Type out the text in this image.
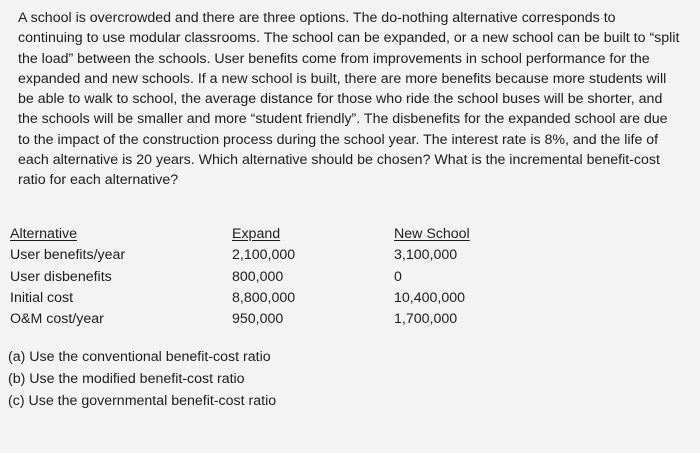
A school is overcrowded and there are three options. The do-nothing alternative corresponds to continuing to use modular classrooms. The school can be expanded, or a new school can be built to “split the load” between the schools. User benefits come from improvements in school performance for the expanded and new schools. If a new school is built, there are more benefits because more students will be able to walk to school, the average distance for those who ride the school buses will be shorter, and the schools will be smaller and more “student friendly”. The disbenefits for the expanded school are due to the impact of the construction process during the school year. The interest rate is 8%, and the life of each alternative is 20 years. Which alternative should be chosen? What is the incremental benefit-cost ratio for each alternative?

Alternative
User benefits/year
User disbenefits
Initial cost
O&M cost/year
Expand
2,100,000
800,000
8,800,000
950,000
New School
3,100,000
0
10,400,000
1,700,000
(a) Use the conventional benefit-cost ratio
(b) Use the modified benefit-cost ratio
(c) Use the governmental benefit-cost ratio
